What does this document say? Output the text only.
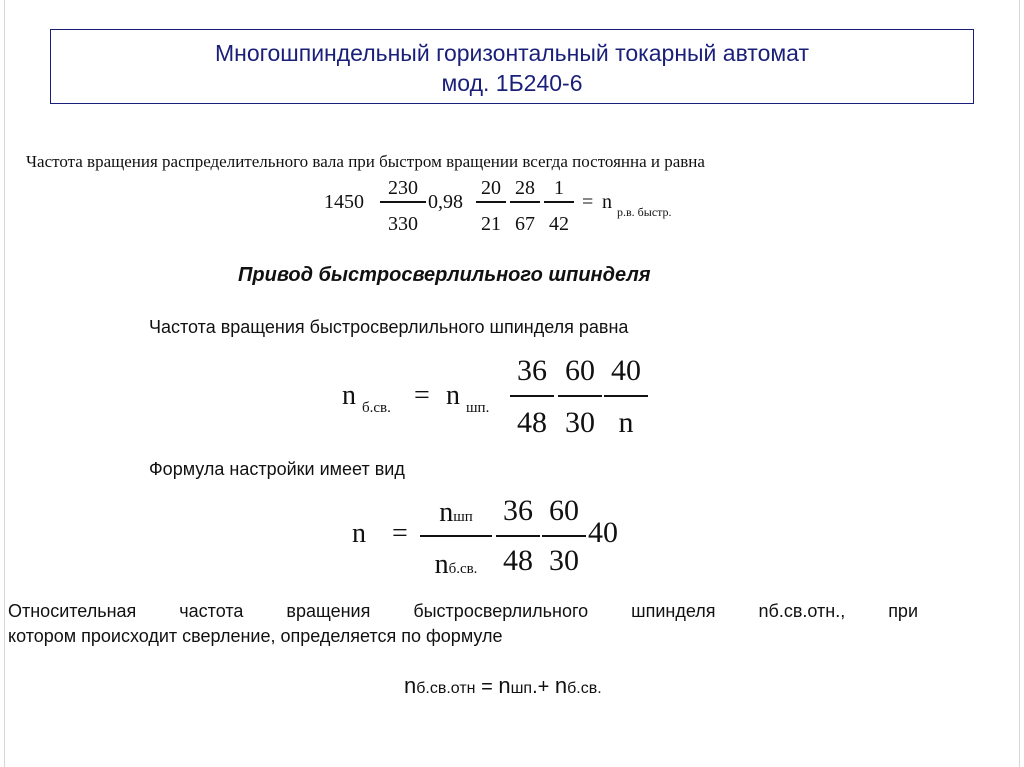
Многошпиндельный горизонтальный токарный автомат
мод. 1Б240-6
Частота вращения распределительного вала при быстром вращении всегда постоянна и равна
1450
230
330
0,98
20
21
28
67
1
42
= n р.в. быстр.
Привод быстросверлильного шпинделя
Частота вращения быстросверлильного шпинделя равна
n б.св. = n шп.
36
48
60
30
40
n
Формула настройки имеет вид
n =
nшп
nб.св.
36
48
60
30
40
Относительная частота вращения быстросверлильного шпинделя nб.св.отн., при
котором происходит сверление, определяется по формуле
nб.св.отн = nшп.+ nб.св.
